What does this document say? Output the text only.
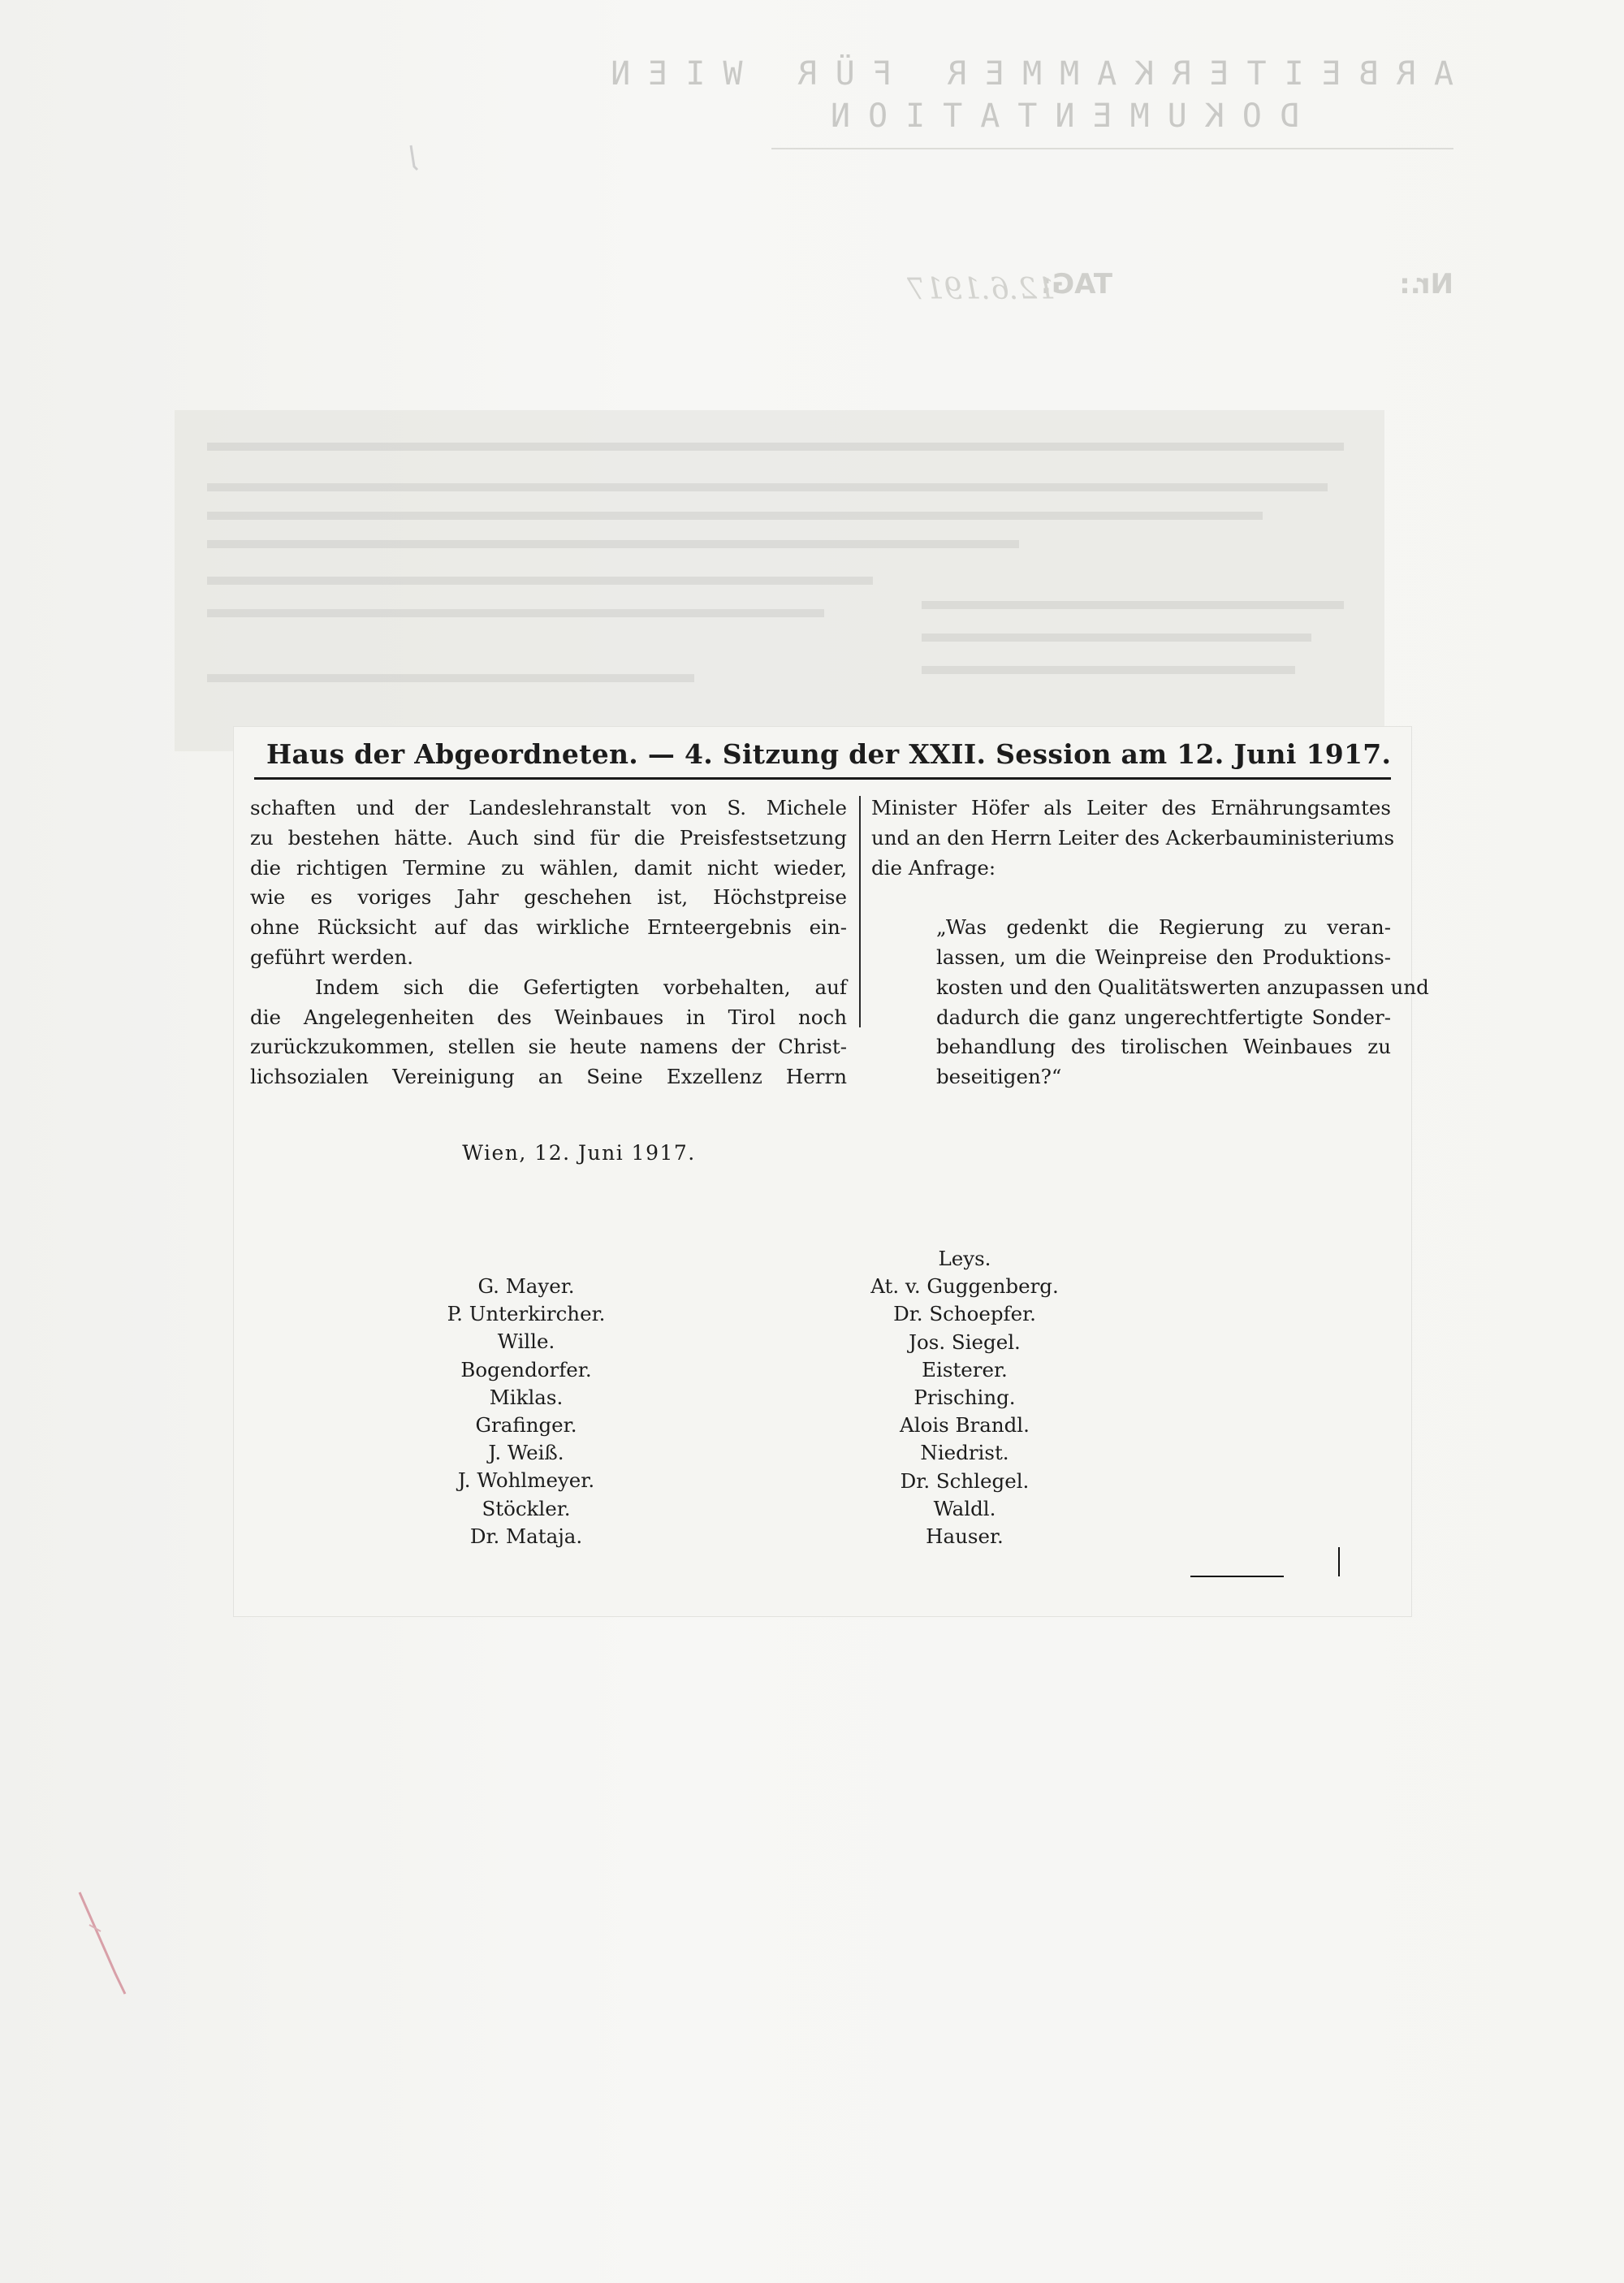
ARBEITERKAMMER FÜR WIEN
DOKUMENTATION
Nr.:
TAG:
12.6.1917
Haus der Abgeordneten. — 4. Sitzung der XXII. Session am 12. Juni 1917.
schaften und der Landeslehranstalt von S. Michele
zu bestehen hätte. Auch sind für die Preisfestsetzung
die richtigen Termine zu wählen, damit nicht wieder,
wie es voriges Jahr geschehen ist, Höchstpreise
ohne Rücksicht auf das wirkliche Ernteergebnis ein-
geführt werden.
Indem sich die Gefertigten vorbehalten, auf
die Angelegenheiten des Weinbaues in Tirol noch
zurückzukommen, stellen sie heute namens der Christ-
lichsozialen Vereinigung an Seine Exzellenz Herrn
Minister Höfer als Leiter des Ernährungsamtes
und an den Herrn Leiter des Ackerbauministeriums
die Anfrage:
„Was gedenkt die Regierung zu veran-
lassen, um die Weinpreise den Produktions-
kosten und den Qualitätswerten anzupassen und
dadurch die ganz ungerechtfertigte Sonder-
behandlung des tirolischen Weinbaues zu
beseitigen?“
Wien, 12. Juni 1917.
G. Mayer.
P. Unterkircher.
Wille.
Bogendorfer.
Miklas.
Grafinger.
J. Weiß.
J. Wohlmeyer.
Stöckler.
Dr. Mataja.
Leys.
At. v. Guggenberg.
Dr. Schoepfer.
Jos. Siegel.
Eisterer.
Prisching.
Alois Brandl.
Niedrist.
Dr. Schlegel.
Waldl.
Hauser.
